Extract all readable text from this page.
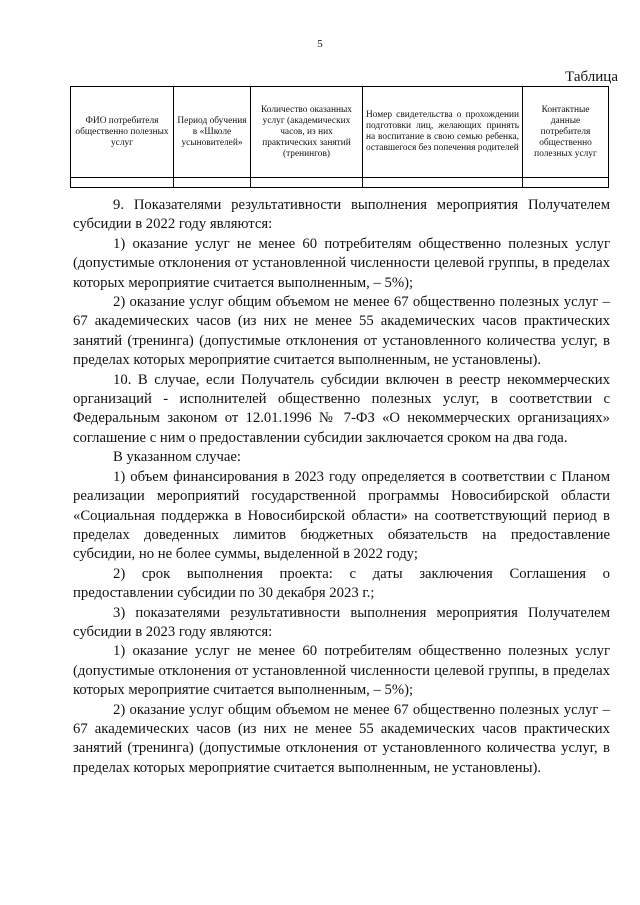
5
Таблица
ФИО потребителя общественно полезных услуг	Период обучения в «Школе усыновителей»	Количество оказанных услуг (академических часов, из них практических занятий (тренингов)	Номер свидетельства о прохождении подготовки лиц, желающих принять на воспитание в свою семью ребенка, оставшегося без попечения родителей	Контактные данные потребителя общественно полезных услуг

9. Показателями результативности выполнения мероприятия Получателем субсидии в 2022 году являются:

1) оказание услуг не менее 60 потребителям общественно полезных услуг (допустимые отклонения от установленной численности целевой группы, в пределах которых мероприятие считается выполненным, – 5%);

2) оказание услуг общим объемом не менее 67 общественно полезных услуг – 67 академических часов (из них не менее 55 академических часов практических занятий (тренинга) (допустимые отклонения от установленного количества услуг, в пределах которых мероприятие считается выполненным, не установлены).

10. В случае, если Получатель субсидии включен в реестр некоммерческих организаций - исполнителей общественно полезных услуг, в соответствии с Федеральным законом от 12.01.1996 № 7-ФЗ «О некоммерческих организациях» соглашение с ним о предоставлении субсидии заключается сроком на два года.

В указанном случае:

1) объем финансирования в 2023 году определяется в соответствии с Планом реализации мероприятий государственной программы Новосибирской области «Социальная поддержка в Новосибирской области» на соответствующий период в пределах доведенных лимитов бюджетных обязательств на предоставление субсидии, но не более суммы, выделенной в 2022 году;

2) срок выполнения проекта: с даты заключения Соглашения о предоставлении субсидии по 30 декабря 2023 г.;

3) показателями результативности выполнения мероприятия Получателем субсидии в 2023 году являются:

1) оказание услуг не менее 60 потребителям общественно полезных услуг (допустимые отклонения от установленной численности целевой группы, в пределах которых мероприятие считается выполненным, – 5%);

2) оказание услуг общим объемом не менее 67 общественно полезных услуг – 67 академических часов (из них не менее 55 академических часов практических занятий (тренинга) (допустимые отклонения от установленного количества услуг, в пределах которых мероприятие считается выполненным, не установлены).
